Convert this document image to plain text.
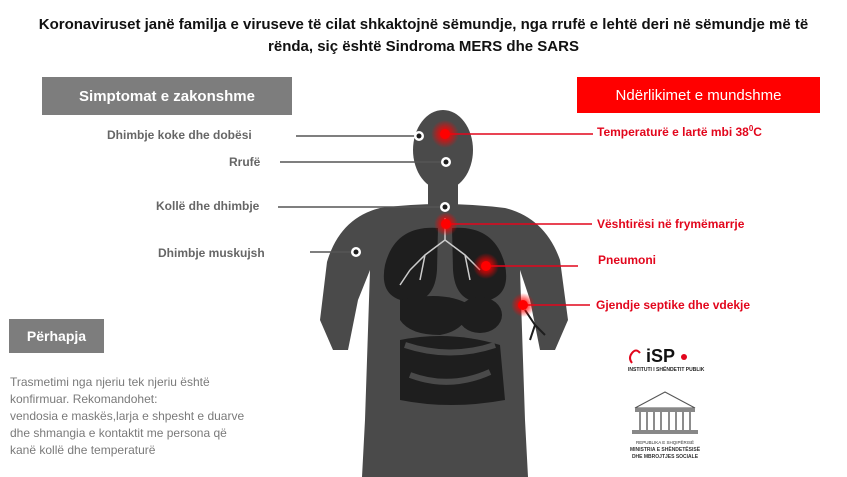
Koronaviruset janë familja e viruseve të cilat shkaktojnë sëmundje, nga rrufë e lehtë deri në sëmundje më të
rënda, siç është Sindroma MERS dhe SARS
Simptomat e zakonshme	Ndërlikimet e mundshme
Dhimbje koke dhe dobësi
Rrufë
Kollë dhe dhimbje
Dhimbje muskujsh
Temperaturë e lartë mbi $38^0C$
Vështirësi në frymëmarrje
Pneumoni
Gjendje septike dhe vdekje
Përhapja
Trasmetimi nga njeriu tek njeriu është
konfirmuar. Rekomandohet:
vendosia e maskës,larja e shpesht e duarve
dhe shmangia e kontaktit me persona që
kanë kollë dhe temperaturë
iSP
INSTITUTI I SHËNDETIT PUBLIK
REPUBLIKA E SHQIPËRISË
MINISTRIA E SHËNDETËSISË
DHE MBROJTJES SOCIALE
